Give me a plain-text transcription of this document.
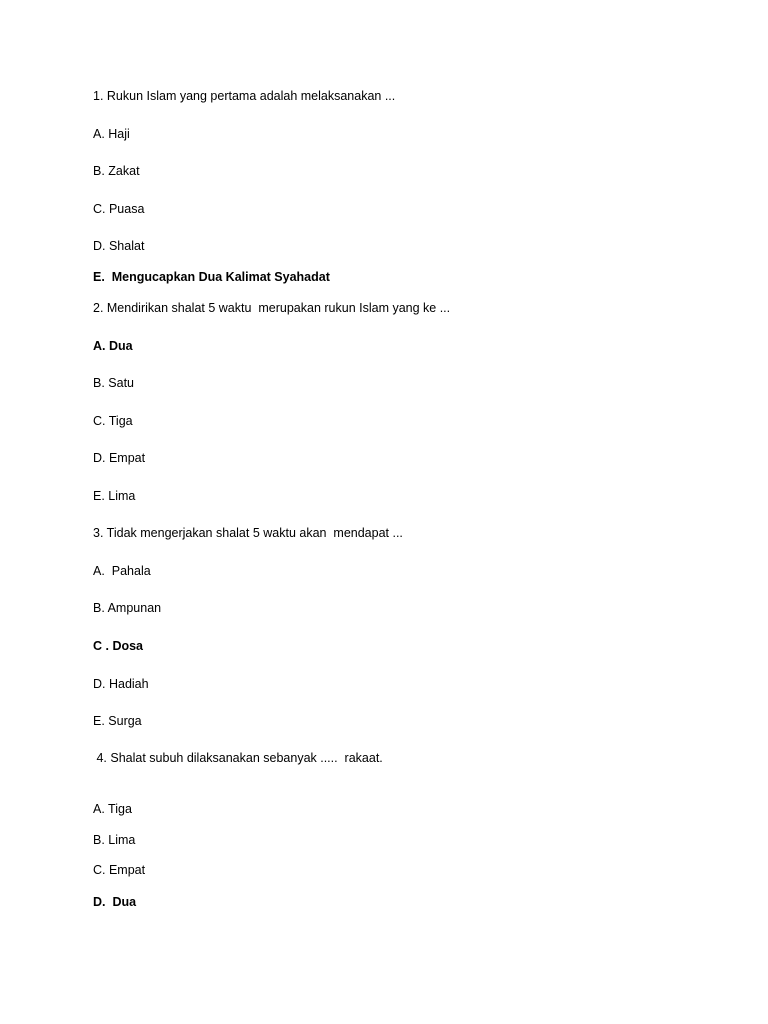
1. Rukun Islam yang pertama adalah melaksanakan ...

A. Haji

B. Zakat

C. Puasa

D. Shalat

E.  Mengucapkan Dua Kalimat Syahadat

2. Mendirikan shalat 5 waktu  merupakan rukun Islam yang ke ...

A. Dua

B. Satu

C. Tiga

D. Empat

E. Lima

3. Tidak mengerjakan shalat 5 waktu akan  mendapat ...

A.  Pahala

B. Ampunan

C . Dosa

D. Hadiah

E. Surga

4. Shalat subuh dilaksanakan sebanyak .....  rakaat.

A. Tiga

B. Lima

C. Empat

D.  Dua
